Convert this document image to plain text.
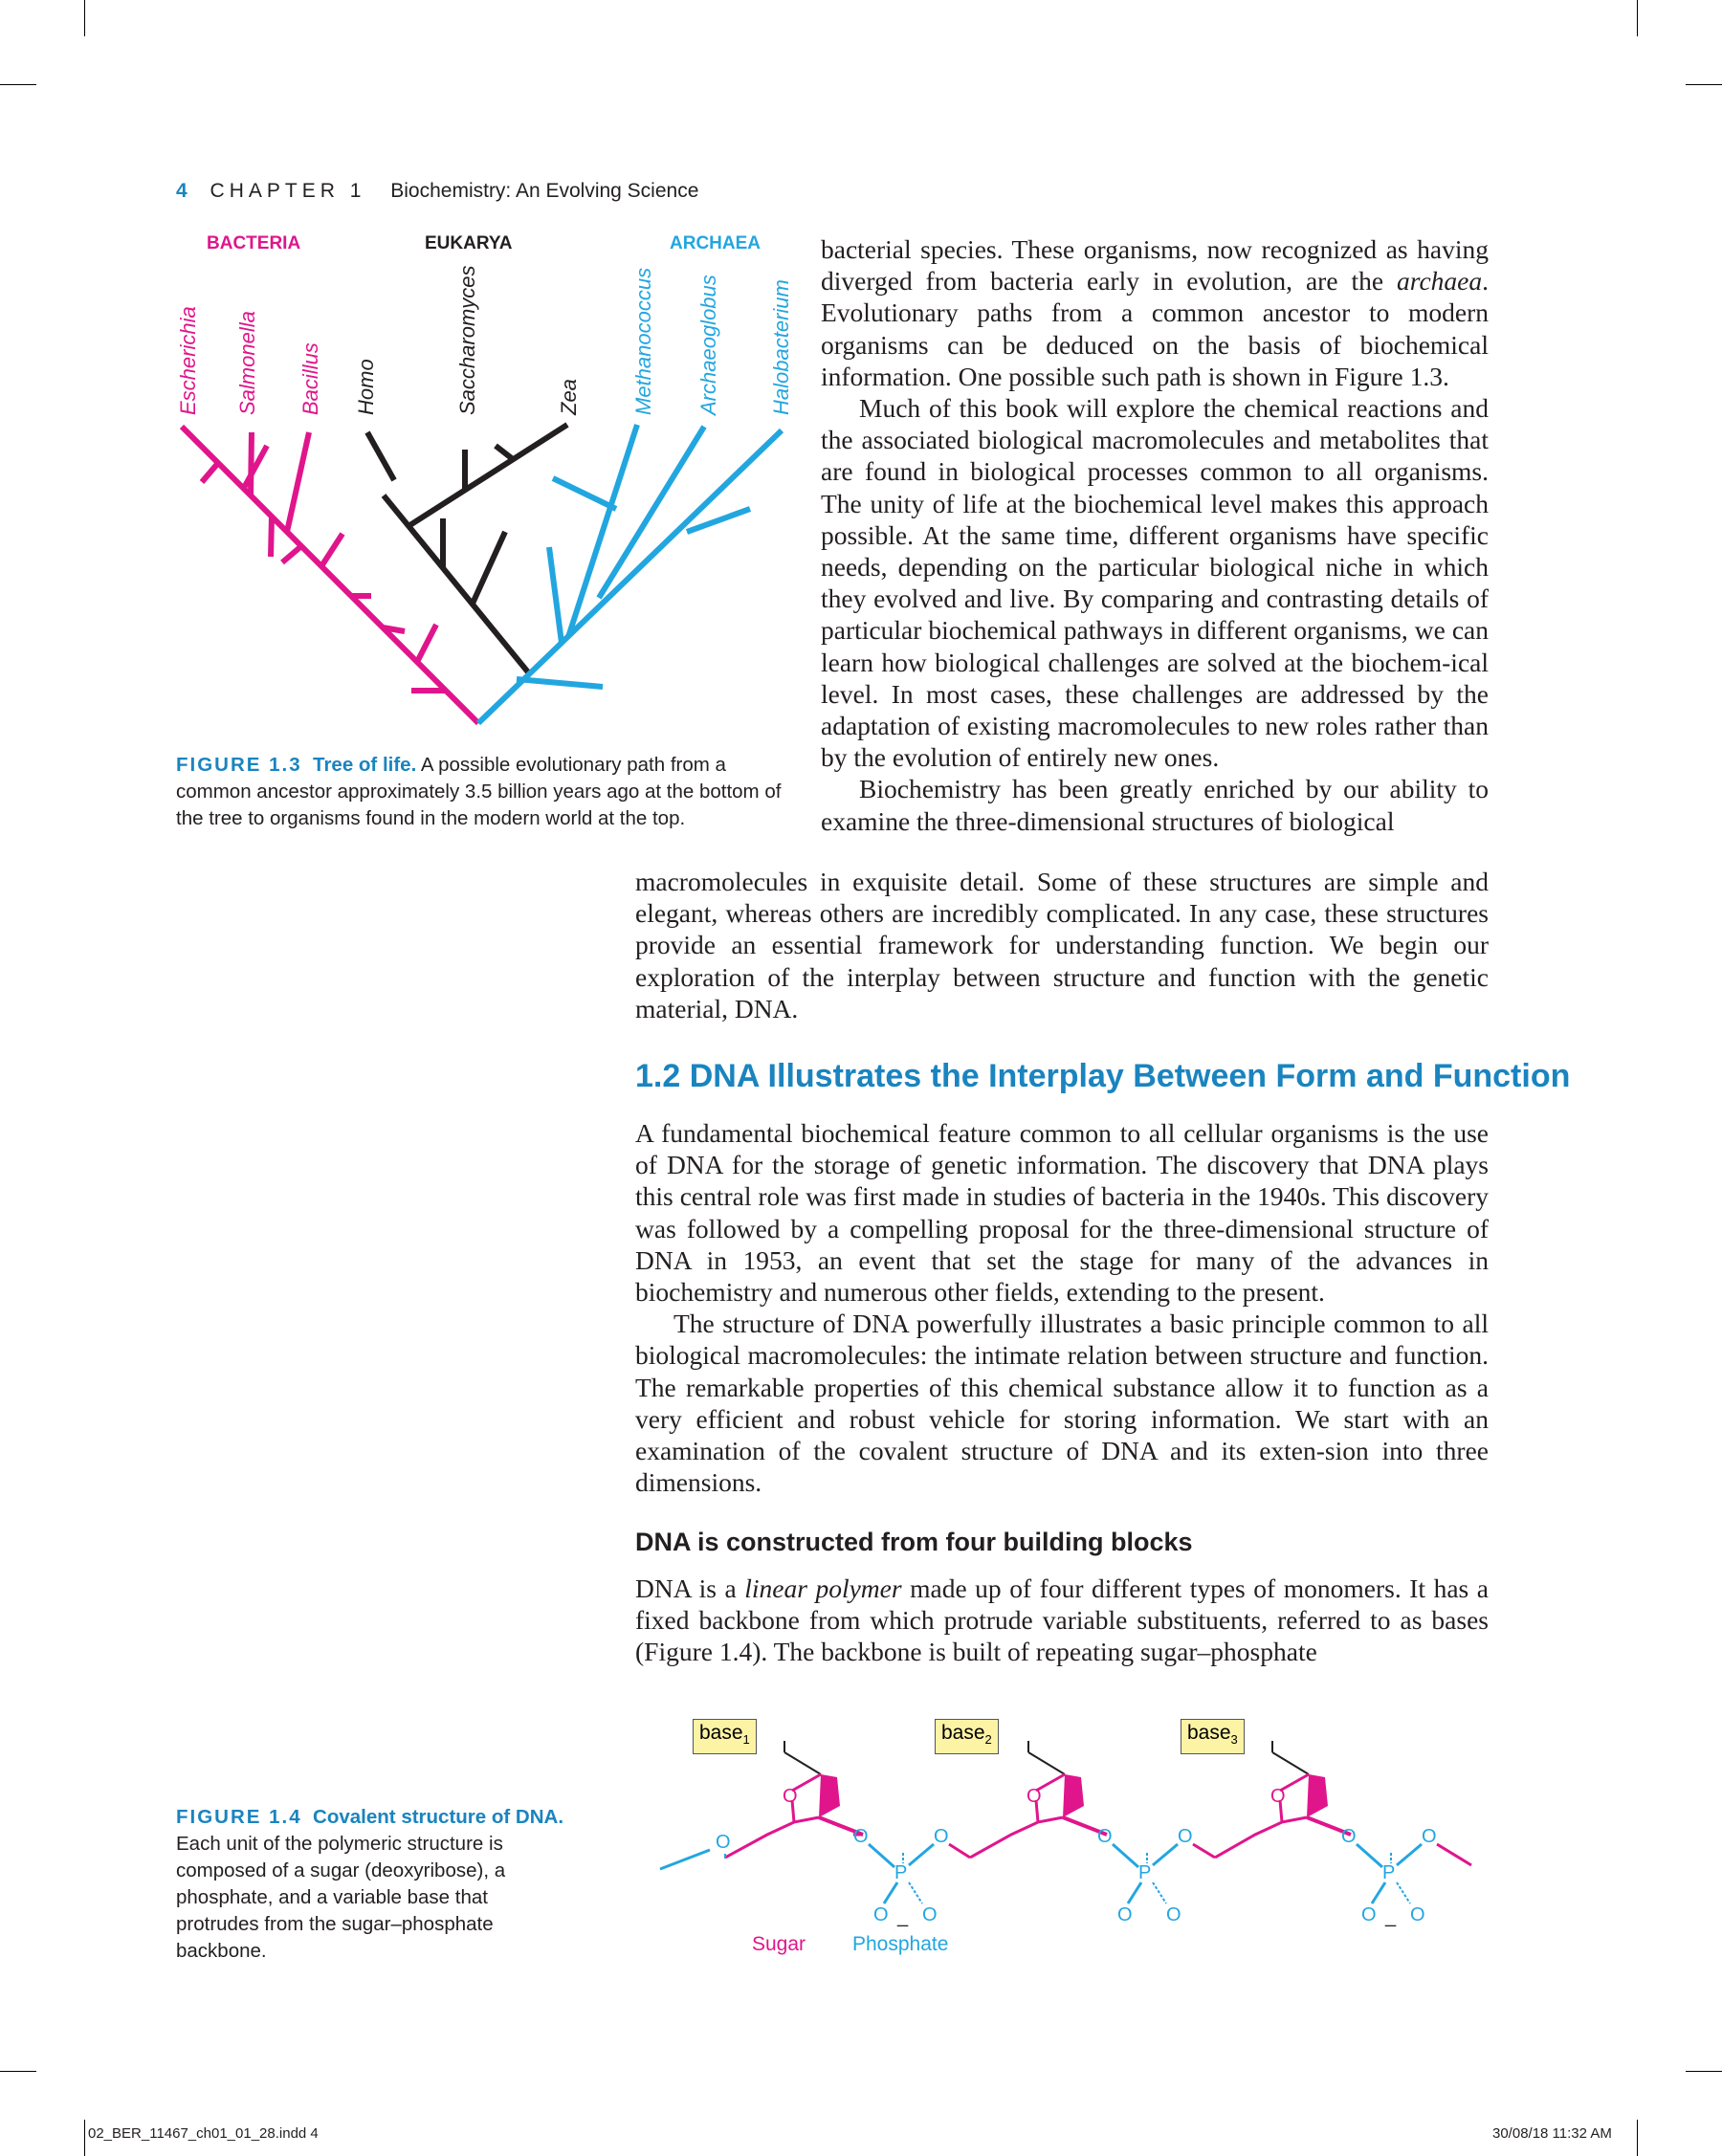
4 CHAPTER 1 Biochemistry: An Evolving Science
BACTERIA	EUKARYA	ARCHAEA
Escherichia Salmonella Bacillus Homo	Saccharomyces	Zea Methanococcus Archaeoglobus Halobacterium
FIGURE 1.3 Tree of life. A possible evolutionary path from a common ancestor approximately 3.5 billion years ago at the bottom of the tree to organisms found in the modern world at the top.

bacterial species. These organisms, now recognized as having diverged from bacteria early in evolution, are the archaea. Evolutionary paths from a common ancestor to modern organisms can be deduced on the basis of biochemical information. One possible such path is shown in Figure 1.3.

Much of this book will explore the chemical reactions and the associated biological macromolecules and metabolites that are found in biological processes common to all organisms. The unity of life at the biochemical level makes this approach possible. At the same time, different organisms have specific needs, depending on the particular biological niche in which they evolved and live. By comparing and contrasting details of particular biochemical pathways in different organisms, we can learn how biological challenges are solved at the biochem-ical level. In most cases, these challenges are addressed by the adaptation of existing macromolecules to new roles rather than by the evolution of entirely new ones.

Biochemistry has been greatly enriched by our ability to examine the three-dimensional structures of biological

macromolecules in exquisite detail. Some of these structures are simple and elegant, whereas others are incredibly complicated. In any case, these structures provide an essential framework for understanding function. We begin our exploration of the interplay between structure and function with the genetic material, DNA.

1.2 DNA Illustrates the Interplay Between Form and Function

A fundamental biochemical feature common to all cellular organisms is the use of DNA for the storage of genetic information. The discovery that DNA plays this central role was first made in studies of bacteria in the 1940s. This discovery was followed by a compelling proposal for the three-dimensional structure of DNA in 1953, an event that set the stage for many of the advances in biochemistry and numerous other fields, extending to the present.

The structure of DNA powerfully illustrates a basic principle common to all biological macromolecules: the intimate relation between structure and function. The remarkable properties of this chemical substance allow it to function as a very efficient and robust vehicle for storing information. We start with an examination of the covalent structure of DNA and its exten-sion into three dimensions.

DNA is constructed from four building blocks

DNA is a linear polymer made up of four different types of monomers. It has a fixed backbone from which protrude variable substituents, referred to as bases (Figure 1.4). The backbone is built of repeating sugar–phosphate

FIGURE 1.4 Covalent structure of DNA. Each unit of the polymeric structure is composed of a sugar (deoxyribose), a phosphate, and a variable base that protrudes from the sugar–phosphate backbone.
base$_1$	base$_2$	base$_3$
O
O	O
P
O
O O
_
O
O
P
O
O O
O
O
P
O
O O
_
Sugar Phosphate
02_BER_11467_ch01_01_28.indd 4	30/08/18 11:32 AM
